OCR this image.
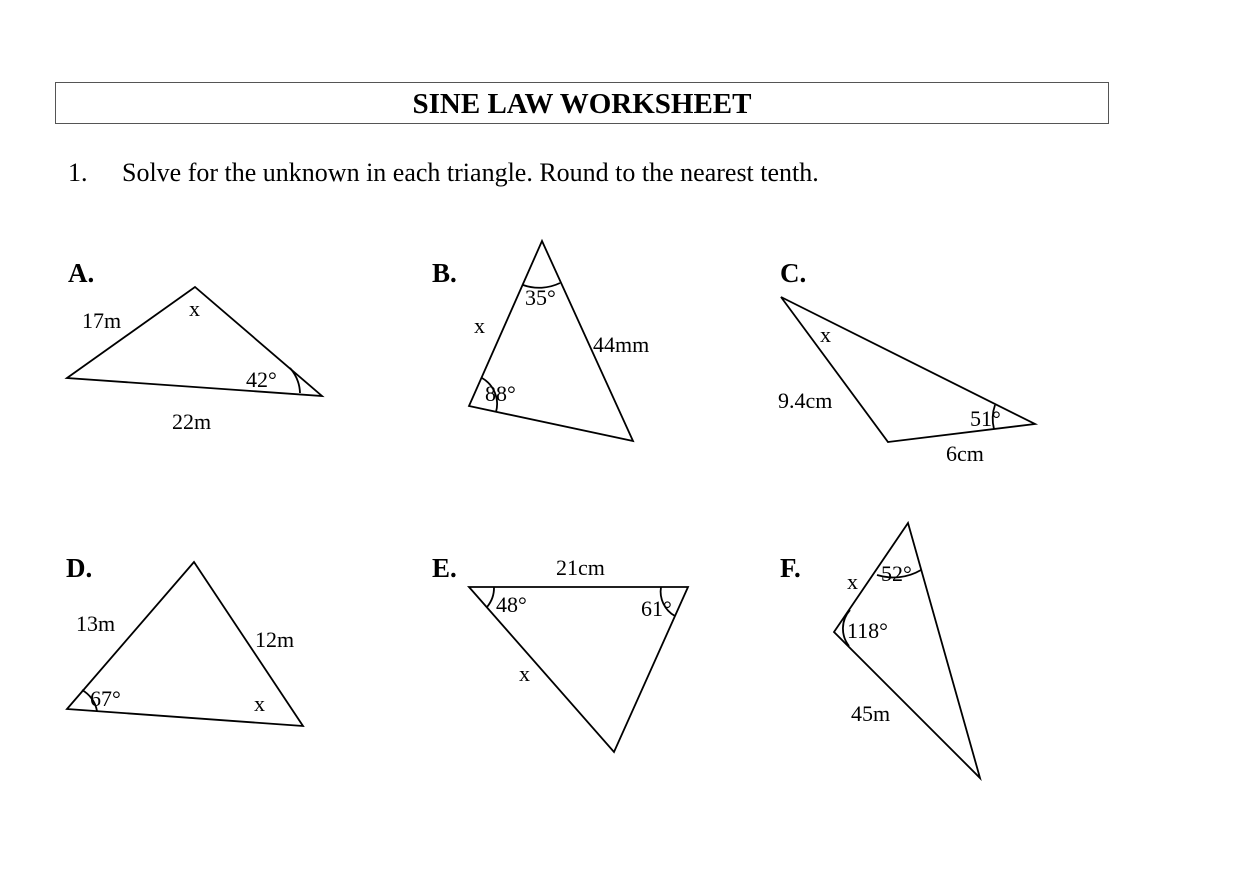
SINE LAW WORKSHEET
1. Solve for the unknown in each triangle. Round to the nearest tenth.
A.
17m	x
42°
22m
B.
35°
x
44mm
88°
C.
x
9.4cm
51°
6cm
D.
13m
12m
67°	x
E.	21cm
48°	61°
x
F. x 52°
118°
45m
